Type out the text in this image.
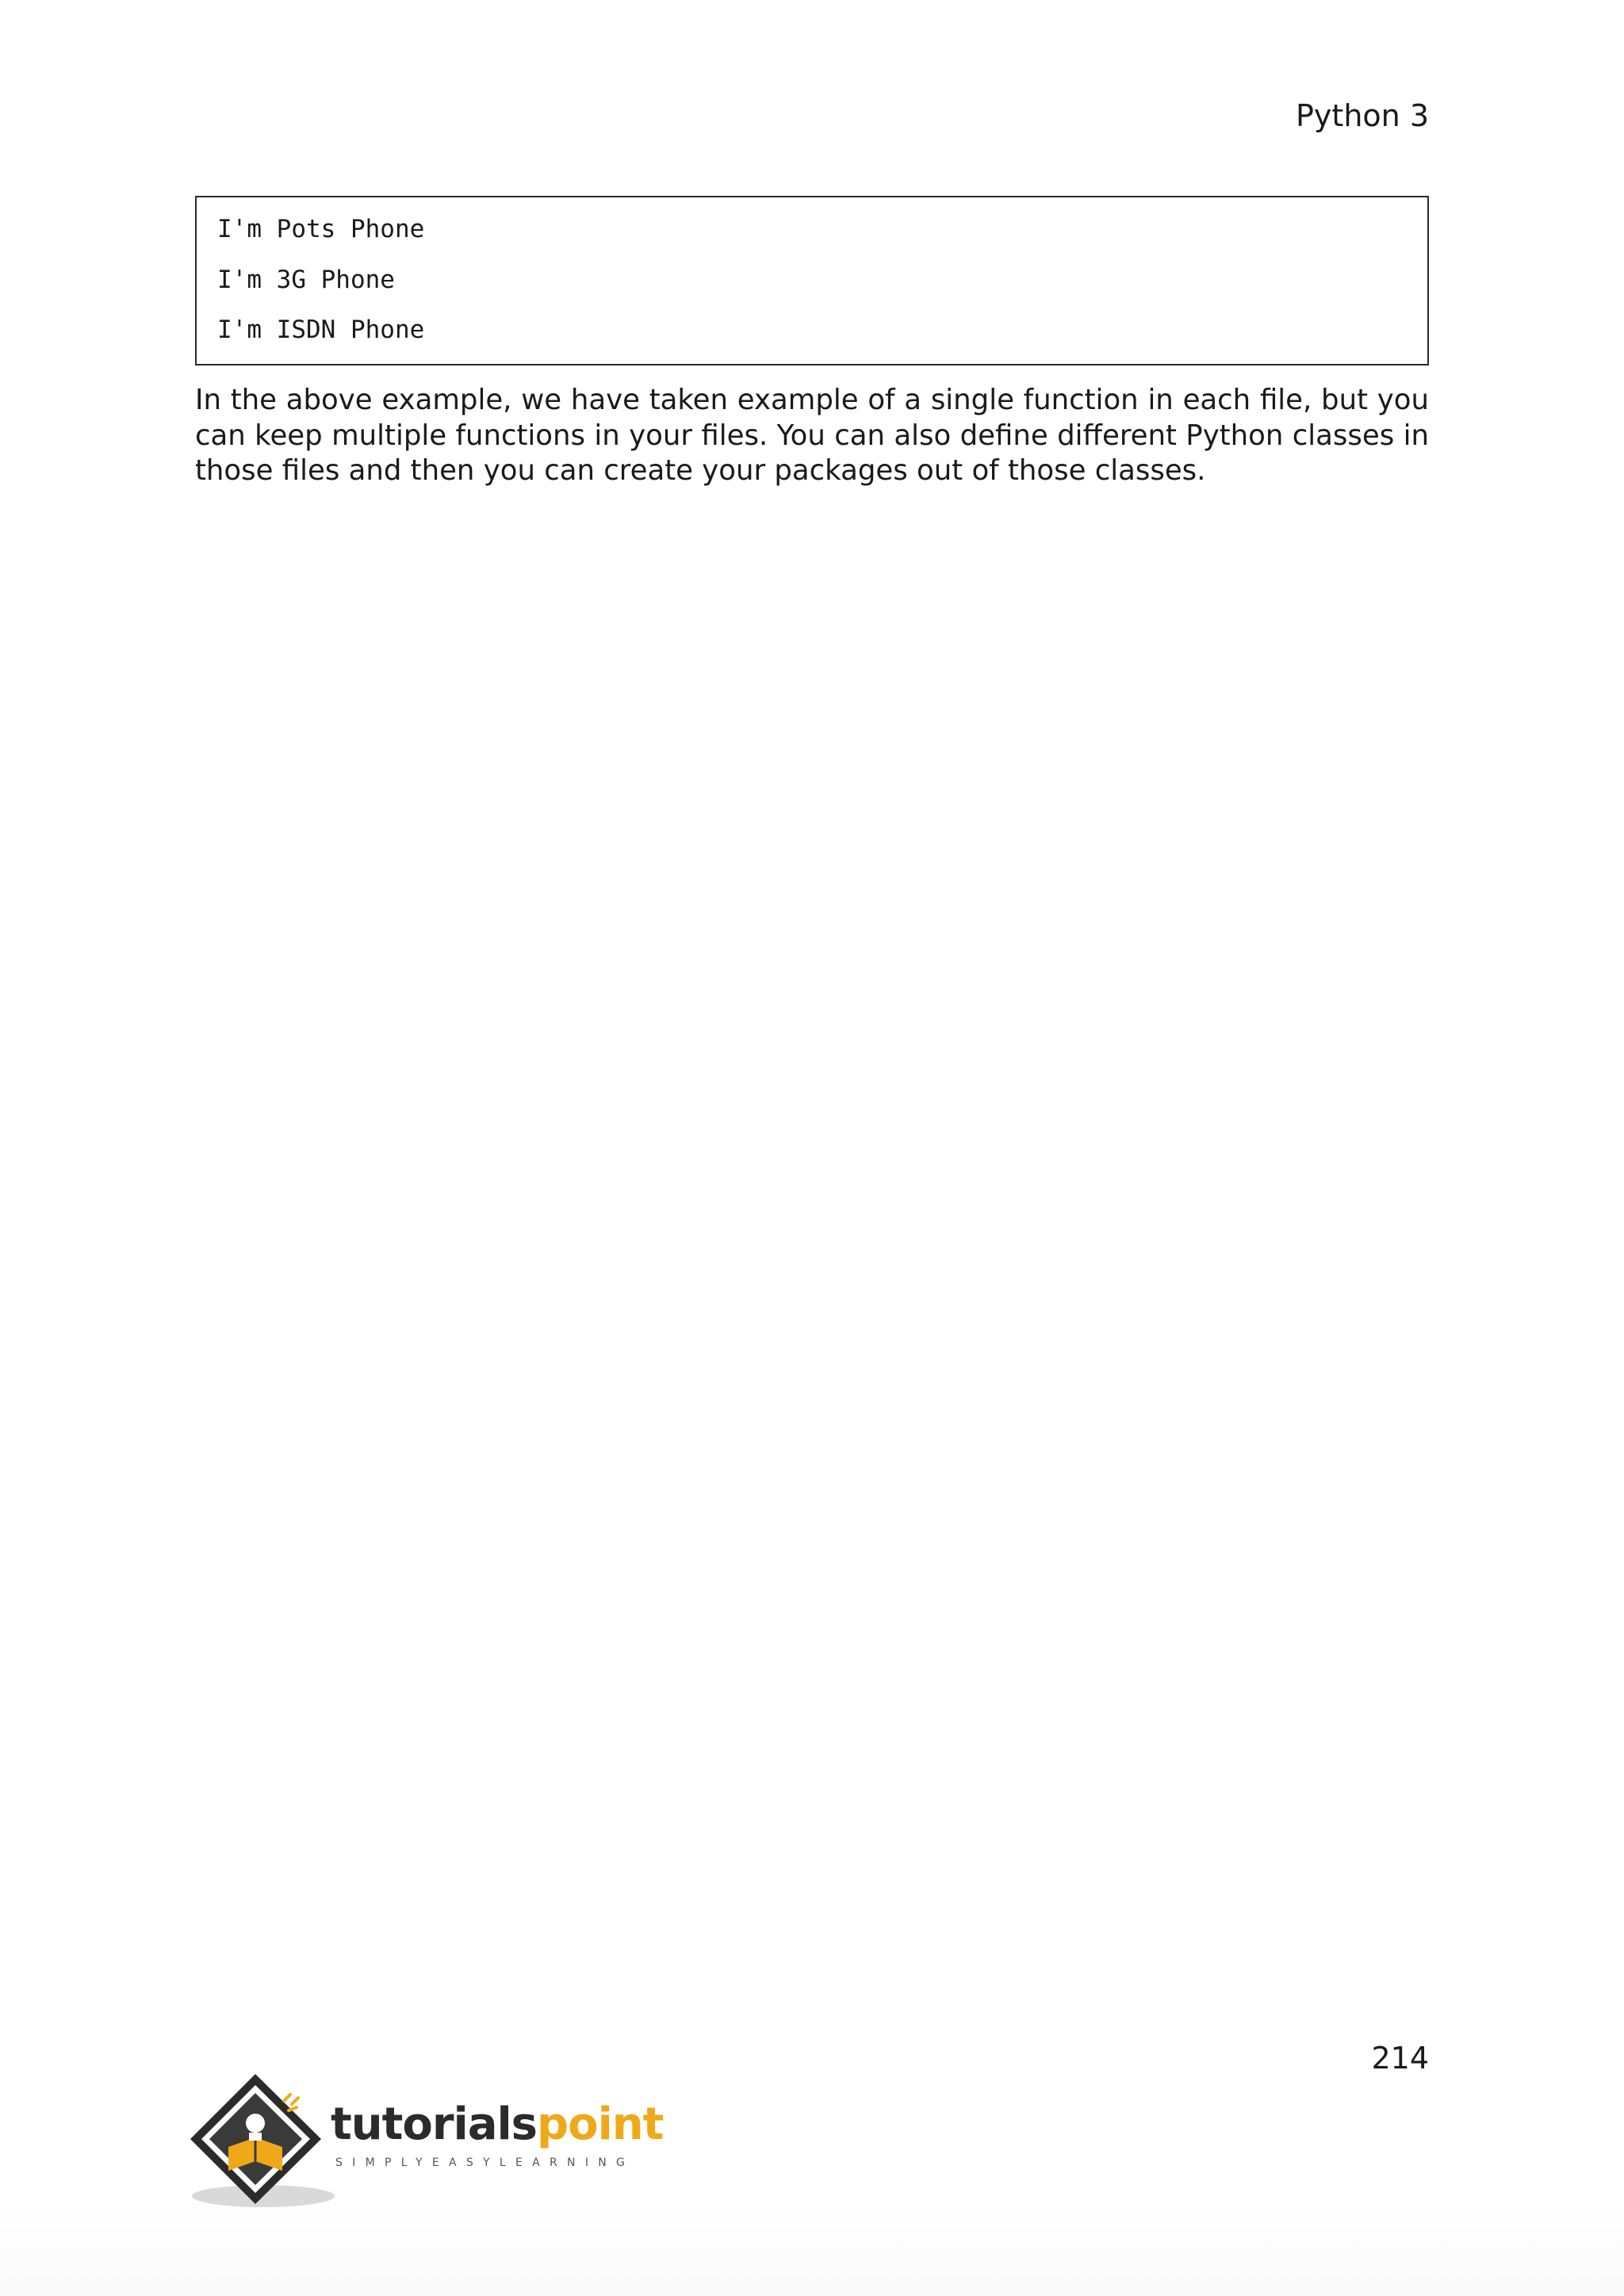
Python 3
I'm Pots Phone
I'm 3G Phone
I'm ISDN Phone

In the above example, we have taken example of a single function in each file, but you can keep multiple functions in your files. You can also define different Python classes in those files and then you can create your packages out of those classes.

214
tutorialspoint
SIMPLYEASYLEARNING
